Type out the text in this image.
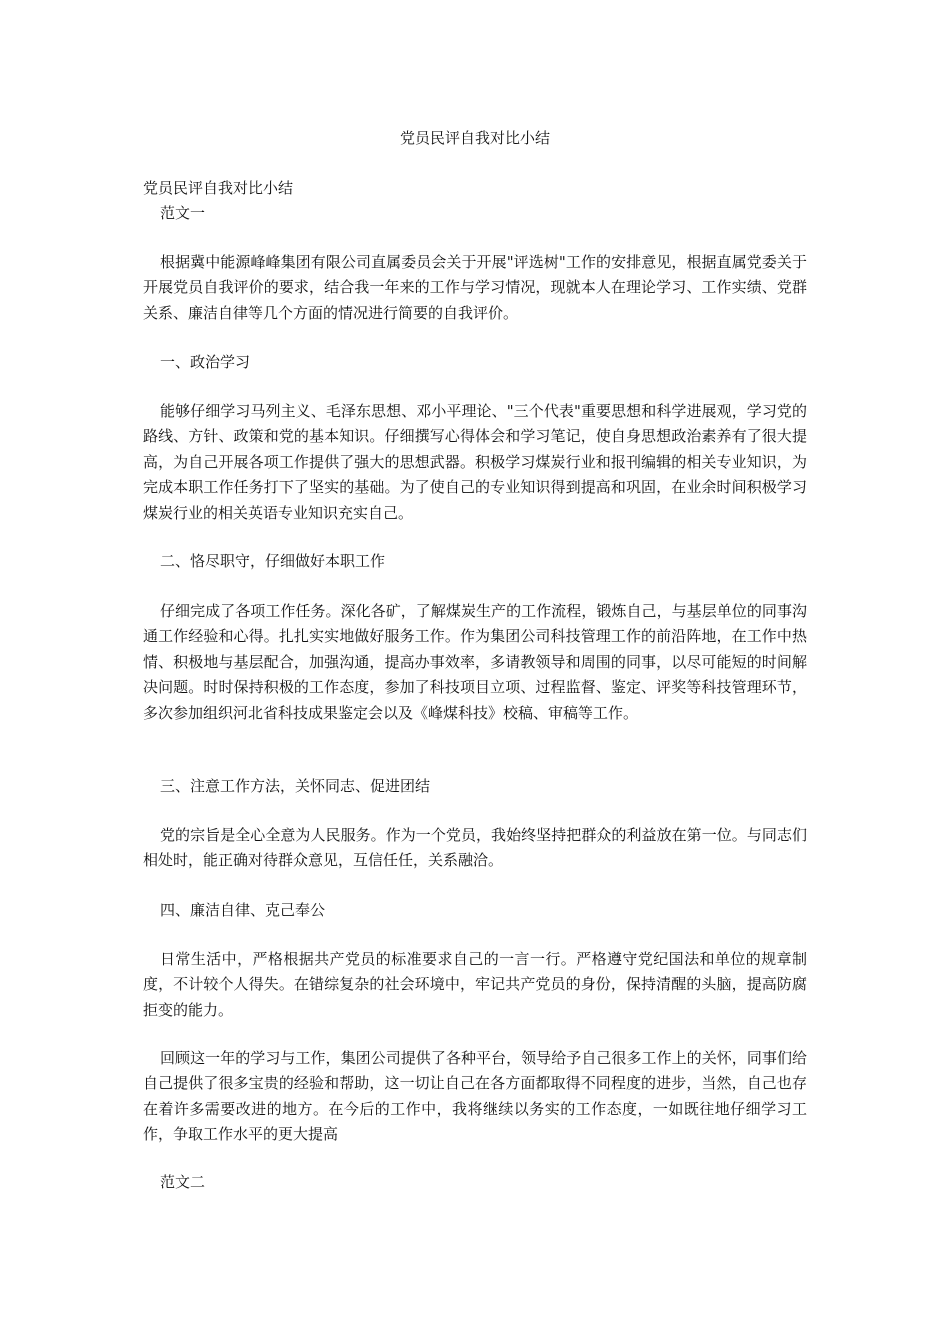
党员民评自我对比小结
党员民评自我对比小结
范文一
根据冀中能源峰峰集团有限公司直属委员会关于开展"评选树"工作的安排意见，根据直属党委关于开展党员自我评价的要求，结合我一年来的工作与学习情况，现就本人在理论学习、工作实绩、党群关系、廉洁自律等几个方面的情况进行简要的自我评价。
一、政治学习
能够仔细学习马列主义、毛泽东思想、邓小平理论、"三个代表"重要思想和科学进展观，学习党的路线、方针、政策和党的基本知识。仔细撰写心得体会和学习笔记，使自身思想政治素养有了很大提高，为自己开展各项工作提供了强大的思想武器。积极学习煤炭行业和报刊编辑的相关专业知识，为完成本职工作任务打下了坚实的基础。为了使自己的专业知识得到提高和巩固，在业余时间积极学习煤炭行业的相关英语专业知识充实自己。
二、恪尽职守，仔细做好本职工作
仔细完成了各项工作任务。深化各矿，了解煤炭生产的工作流程，锻炼自己，与基层单位的同事沟通工作经验和心得。扎扎实实地做好服务工作。作为集团公司科技管理工作的前沿阵地，在工作中热情、积极地与基层配合，加强沟通，提高办事效率，多请教领导和周围的同事，以尽可能短的时间解决问题。时时保持积极的工作态度，参加了科技项目立项、过程监督、鉴定、评奖等科技管理环节，多次参加组织河北省科技成果鉴定会以及《峰煤科技》校稿、审稿等工作。
三、注意工作方法，关怀同志、促进团结
党的宗旨是全心全意为人民服务。作为一个党员，我始终坚持把群众的利益放在第一位。与同志们相处时，能正确对待群众意见，互信任任，关系融洽。
四、廉洁自律、克己奉公
日常生活中，严格根据共产党员的标准要求自己的一言一行。严格遵守党纪国法和单位的规章制度，不计较个人得失。在错综复杂的社会环境中，牢记共产党员的身份，保持清醒的头脑，提高防腐拒变的能力。
回顾这一年的学习与工作，集团公司提供了各种平台，领导给予自己很多工作上的关怀，同事们给自己提供了很多宝贵的经验和帮助，这一切让自己在各方面都取得不同程度的进步，当然，自己也存在着许多需要改进的地方。在今后的工作中，我将继续以务实的工作态度，一如既往地仔细学习工作，争取工作水平的更大提高
范文二
